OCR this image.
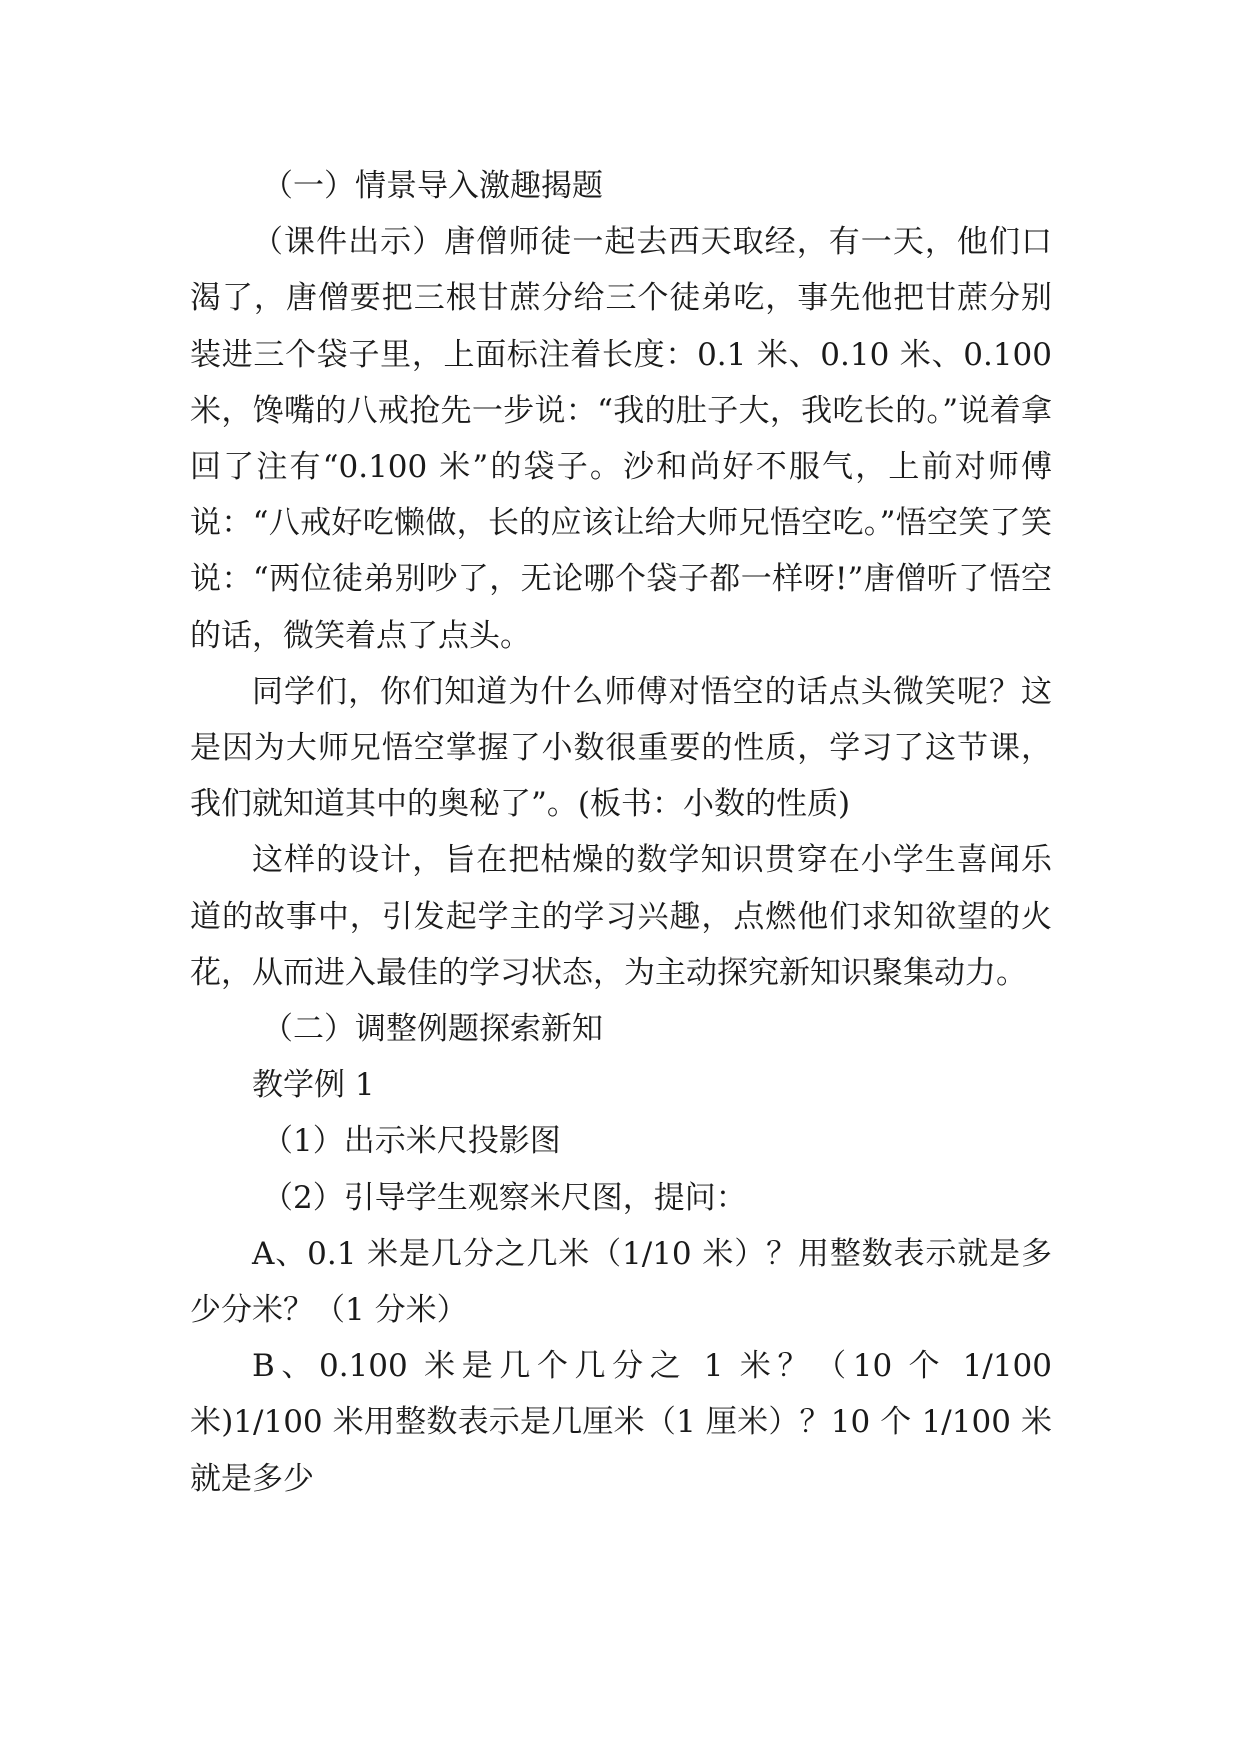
（一）情景导入激趣揭题

（课件出示）唐僧师徒一起去西天取经，有一天，他们口渴了，唐僧要把三根甘蔗分给三个徒弟吃，事先他把甘蔗分别装进三个袋子里，上面标注着长度：0.1 米、0.10 米、0.100 米，馋嘴的八戒抢先一步说：“我的肚子大，我吃长的。”说着拿回了注有“0.100 米”的袋子。沙和尚好不服气，上前对师傅说：“八戒好吃懒做，长的应该让给大师兄悟空吃。”悟空笑了笑说：“两位徒弟别吵了，无论哪个袋子都一样呀!”唐僧听了悟空的话，微笑着点了点头。

同学们，你们知道为什么师傅对悟空的话点头微笑呢？这是因为大师兄悟空掌握了小数很重要的性质，学习了这节课，我们就知道其中的奥秘了”。(板书：小数的性质)

这样的设计，旨在把枯燥的数学知识贯穿在小学生喜闻乐道的故事中，引发起学主的学习兴趣，点燃他们求知欲望的火花，从而进入最佳的学习状态，为主动探究新知识聚集动力。

（二）调整例题探索新知

教学例 1

（1）出示米尺投影图

（2）引导学生观察米尺图，提问：

A、0.1 米是几分之几米（1/10 米）？用整数表示就是多少分米？（1 分米）

B、0.100 米是几个几分之 1 米？（10 个 1/100 米)1/100 米用整数表示是几厘米（1 厘米）？10 个 1/100 米就是多少
